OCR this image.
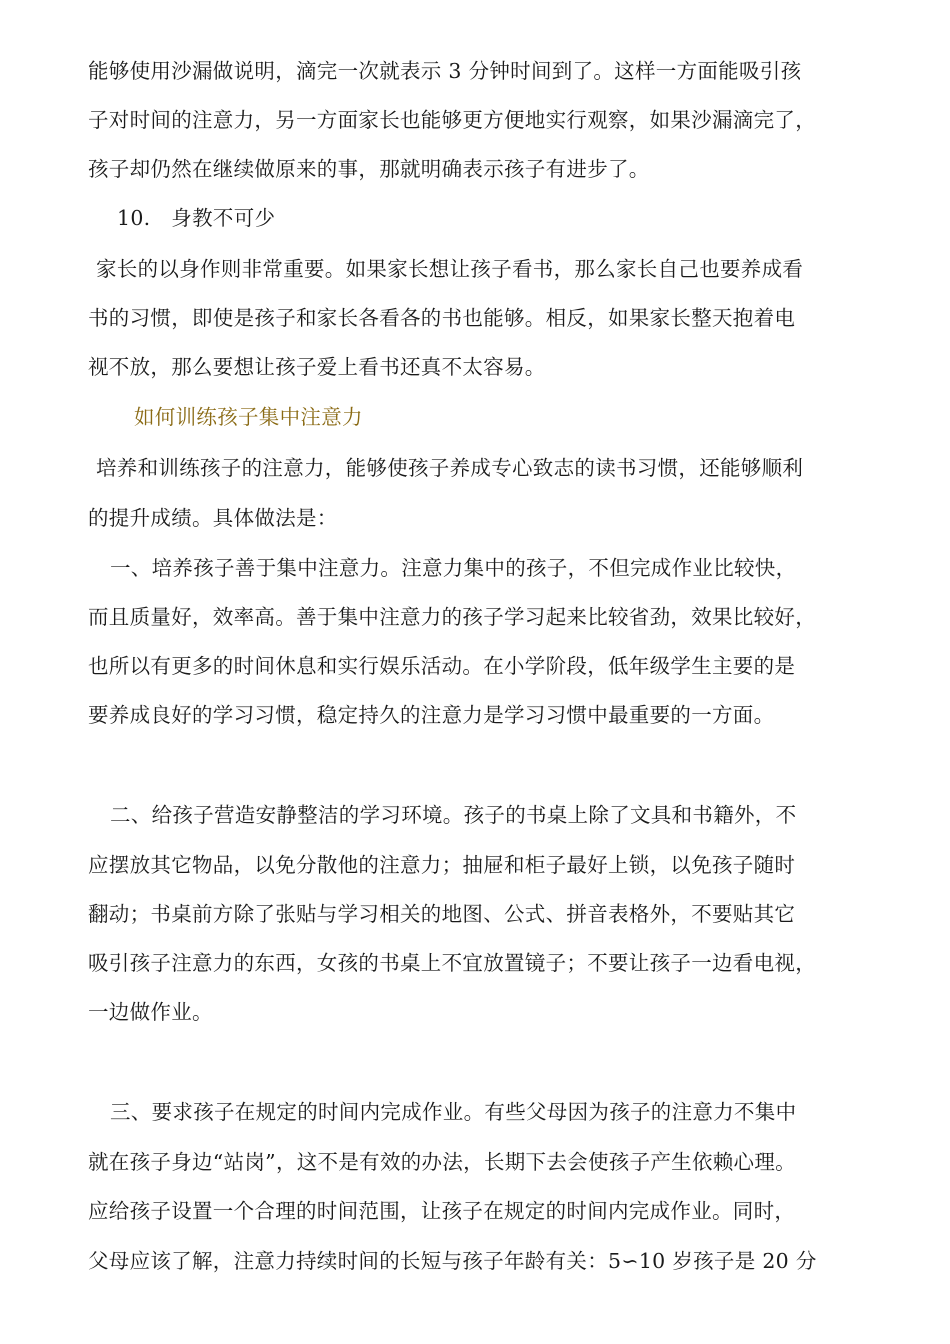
能够使用沙漏做说明，滴完一次就表示 3 分钟时间到了。这样一方面能吸引孩
子对时间的注意力，另一方面家长也能够更方便地实行观察，如果沙漏滴完了，
孩子却仍然在继续做原来的事，那就明确表示孩子有进步了。
10.　身教不可少
家长的以身作则非常重要。如果家长想让孩子看书，那么家长自己也要养成看
书的习惯，即使是孩子和家长各看各的书也能够。相反，如果家长整天抱着电
视不放，那么要想让孩子爱上看书还真不太容易。
如何训练孩子集中注意力
培养和训练孩子的注意力，能够使孩子养成专心致志的读书习惯，还能够顺利
的提升成绩。具体做法是：
一、培养孩子善于集中注意力。注意力集中的孩子，不但完成作业比较快，
而且质量好，效率高。善于集中注意力的孩子学习起来比较省劲，效果比较好，
也所以有更多的时间休息和实行娱乐活动。在小学阶段，低年级学生主要的是
要养成良好的学习习惯，稳定持久的注意力是学习习惯中最重要的一方面。
二、给孩子营造安静整洁的学习环境。孩子的书桌上除了文具和书籍外，不
应摆放其它物品，以免分散他的注意力；抽屉和柜子最好上锁，以免孩子随时
翻动；书桌前方除了张贴与学习相关的地图、公式、拼音表格外，不要贴其它
吸引孩子注意力的东西，女孩的书桌上不宜放置镜子；不要让孩子一边看电视，
一边做作业。
三、要求孩子在规定的时间内完成作业。有些父母因为孩子的注意力不集中
就在孩子身边“站岗”，这不是有效的办法，长期下去会使孩子产生依赖心理。
应给孩子设置一个合理的时间范围，让孩子在规定的时间内完成作业。同时，
父母应该了解，注意力持续时间的长短与孩子年龄有关：5∽10 岁孩子是 20 分
